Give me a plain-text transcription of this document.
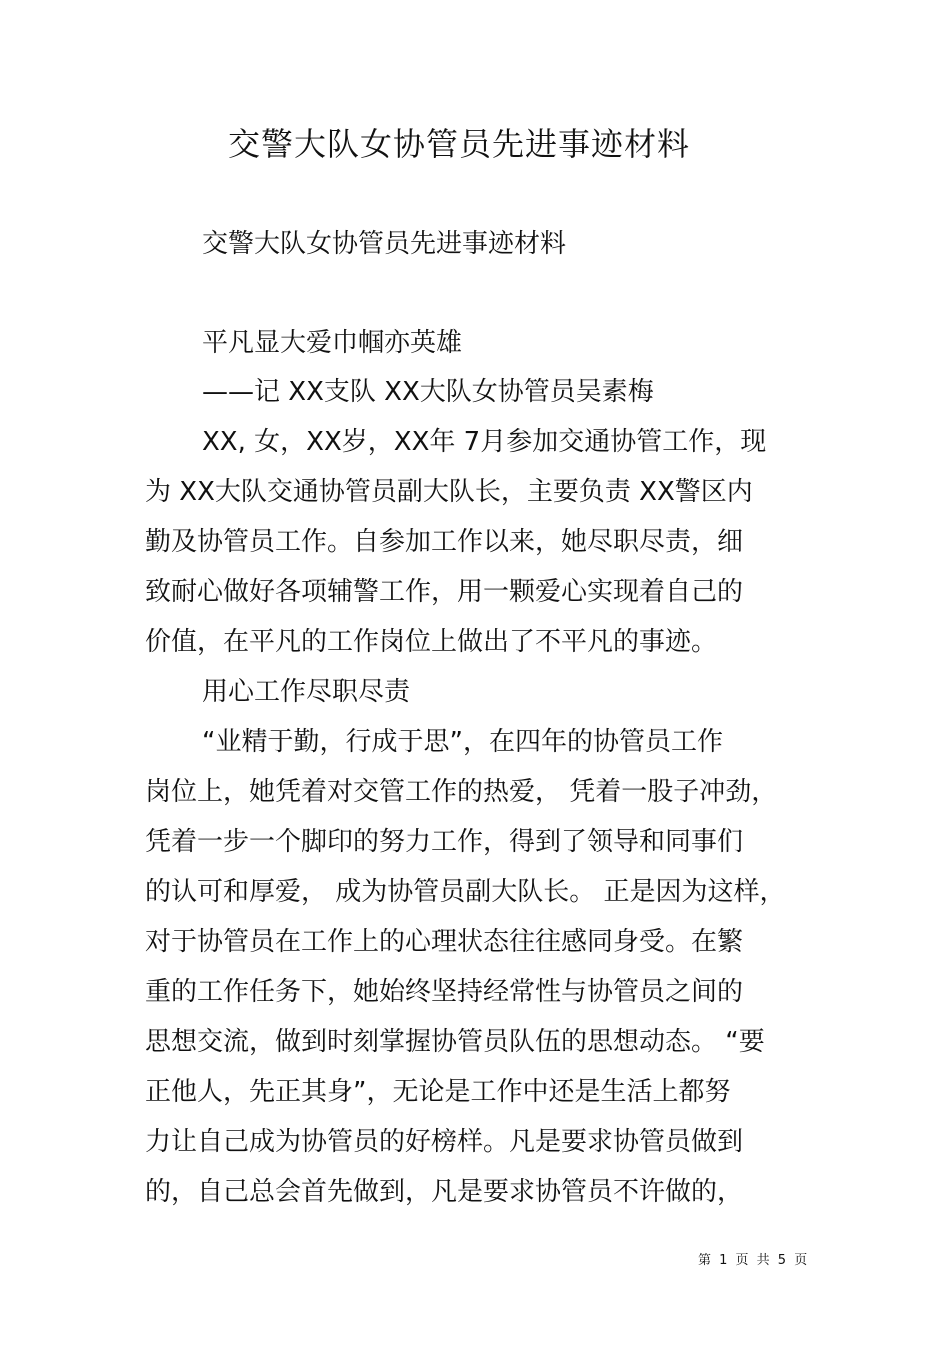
交警大队女协管员先进事迹材料
交警大队女协管员先进事迹材料
平凡显大爱巾帼亦英雄
——记 XX支队 XX大队女协管员吴素梅
XX, 女，XX岁，XX年 7月参加交通协管工作，现
为 XX大队交通协管员副大队长，主要负责 XX警区内
勤及协管员工作。自参加工作以来，她尽职尽责，细
致耐心做好各项辅警工作，用一颗爱心实现着自己的
价值，在平凡的工作岗位上做出了不平凡的事迹。
用心工作尽职尽责
“业精于勤，行成于思”，在四年的协管员工作
岗位上，她凭着对交管工作的热爱， 凭着一股子冲劲，
凭着一步一个脚印的努力工作，得到了领导和同事们
的认可和厚爱， 成为协管员副大队长。 正是因为这样，
对于协管员在工作上的心理状态往往感同身受。在繁
重的工作任务下，她始终坚持经常性与协管员之间的
思想交流，做到时刻掌握协管员队伍的思想动态。 “要
正他人，先正其身”，无论是工作中还是生活上都努
力让自己成为协管员的好榜样。凡是要求协管员做到
的，自己总会首先做到，凡是要求协管员不许做的，
第 1 页 共 5 页
